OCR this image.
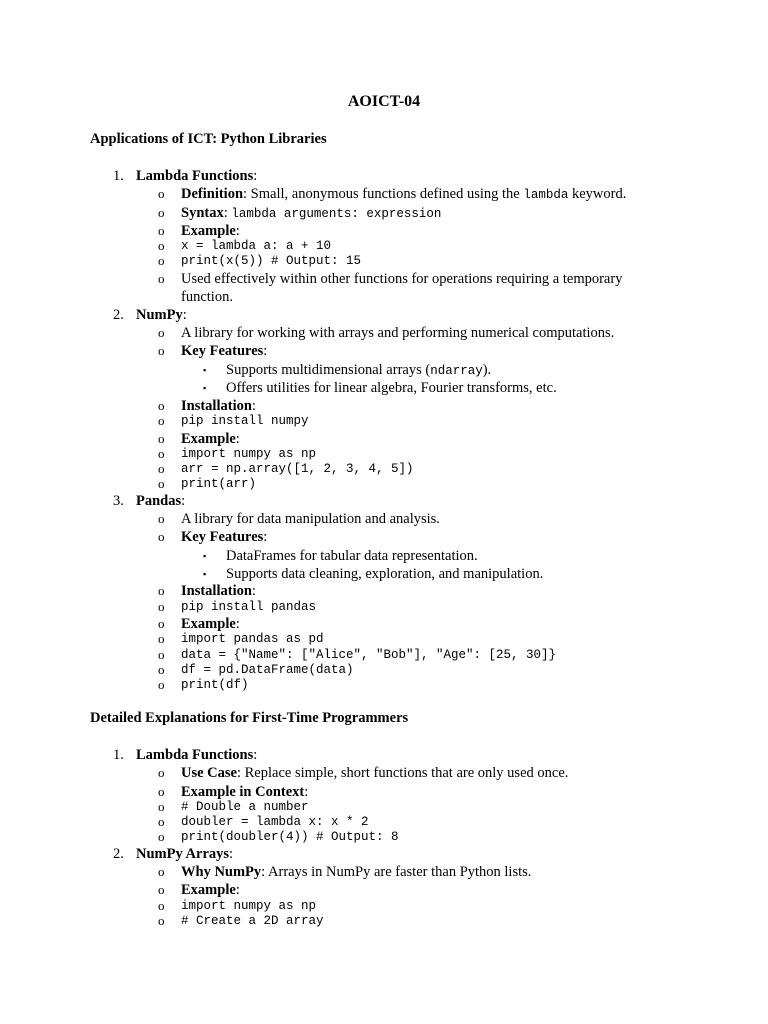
AOICT-04
Applications of ICT: Python Libraries
1. Lambda Functions:
o Definition: Small, anonymous functions defined using the lambda keyword.
o Syntax: lambda arguments: expression
o Example:
o x = lambda a: a + 10
o print(x(5)) # Output: 15
o Used effectively within other functions for operations requiring a temporary function.
2. NumPy:
o A library for working with arrays and performing numerical computations.
o Key Features:
▪ Supports multidimensional arrays (ndarray).
▪ Offers utilities for linear algebra, Fourier transforms, etc.
o Installation:
o pip install numpy
o Example:
o import numpy as np
o arr = np.array([1, 2, 3, 4, 5])
o print(arr)
3. Pandas:
o A library for data manipulation and analysis.
o Key Features:
▪ DataFrames for tabular data representation.
▪ Supports data cleaning, exploration, and manipulation.
o Installation:
o pip install pandas
o Example:
o import pandas as pd
o data = {"Name": ["Alice", "Bob"], "Age": [25, 30]}
o df = pd.DataFrame(data)
o print(df)
Detailed Explanations for First-Time Programmers
1. Lambda Functions:
o Use Case: Replace simple, short functions that are only used once.
o Example in Context:
o # Double a number
o doubler = lambda x: x * 2
o print(doubler(4)) # Output: 8
2. NumPy Arrays:
o Why NumPy: Arrays in NumPy are faster than Python lists.
o Example:
o import numpy as np
o # Create a 2D array
